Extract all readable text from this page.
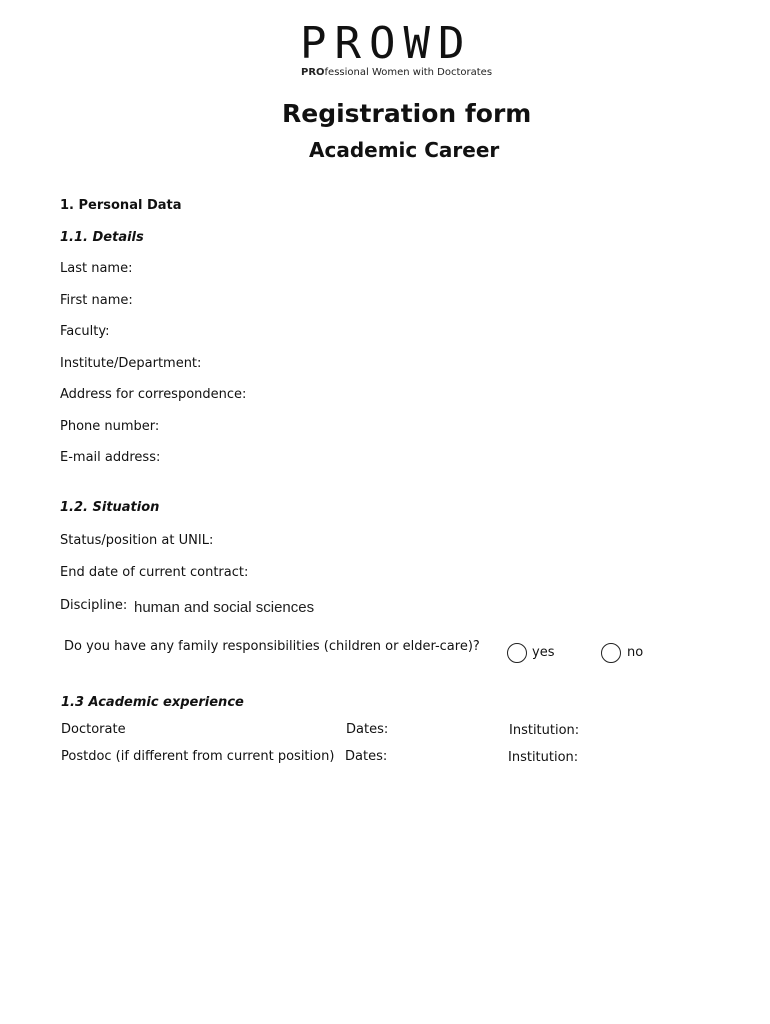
PROWD
PROfessional Women with Doctorates
Registration form
Academic Career
1. Personal Data
1.1. Details
Last name:
First name:
Faculty:
Institute/Department:
Address for correspondence:
Phone number:
E-mail address:
1.2. Situation
Status/position at UNIL:
End date of current contract:
Discipline: human and social sciences
Do you have any family responsibilities (children or elder-care)?	yes	no
1.3 Academic experience
Doctorate	Dates:	Institution:
Postdoc (if different from current position) Dates:	Institution:
